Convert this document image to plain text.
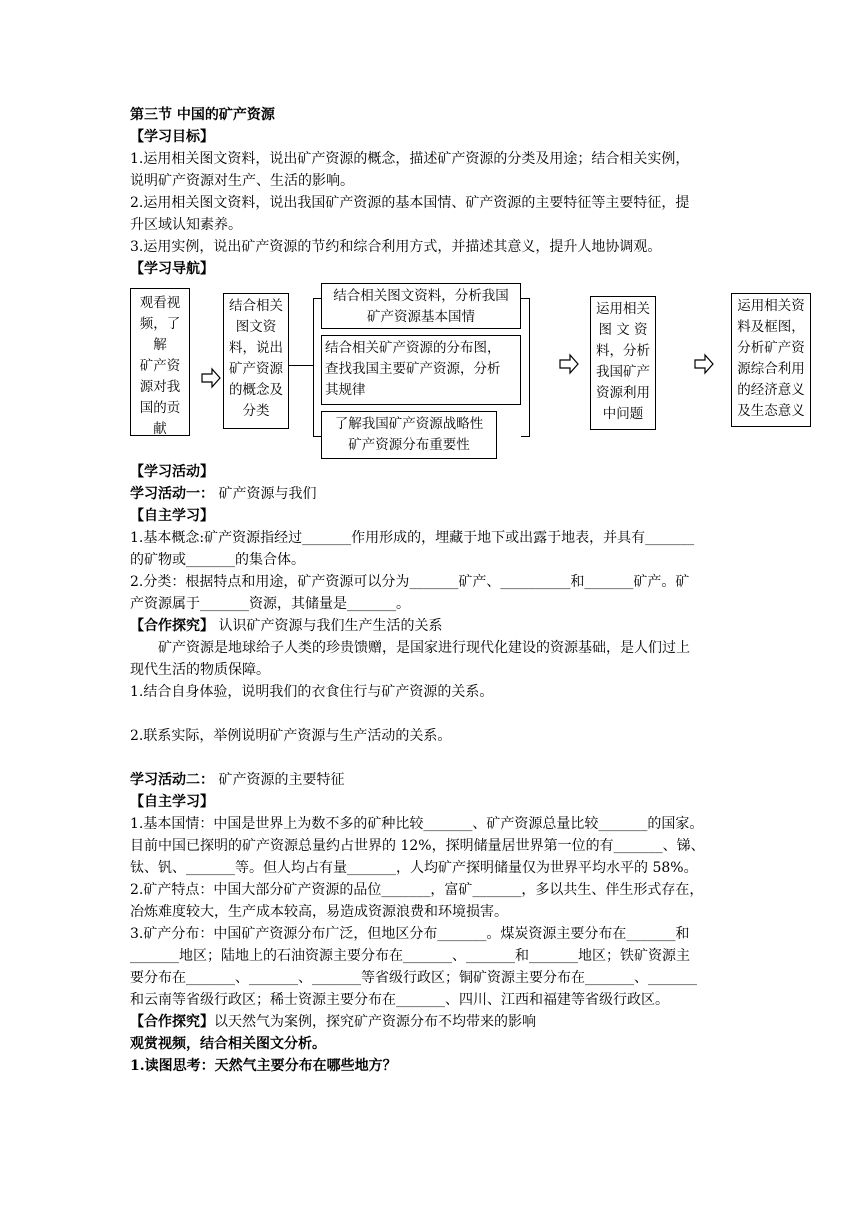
第三节 中国的矿产资源

【学习目标】

1.运用相关图文资料，说出矿产资源的概念，描述矿产资源的分类及用途；结合相关实例，

说明矿产资源对生产、生活的影响。

2.运用相关图文资料，说出我国矿产资源的基本国情、矿产资源的主要特征等主要特征，提

升区域认知素养。

3.运用实例，说出矿产资源的节约和综合利用方式，并描述其意义，提升人地协调观。

【学习导航】

观看视
频，了解
矿产资
源对我
国的贡
献
结合相关
图文资
料，说出
矿产资源
的概念及
分类
结合相关图文资料，分析我国
矿产资源基本国情
结合相关矿产资源的分布图，
查找我国主要矿产资源，分析
其规律
了解我国矿产资源战略性
矿产资源分布重要性
运用相关
图 文 资
料，分析
我国矿产
资源利用
中问题
运用相关资
料及框图，
分析矿产资
源综合利用
的经济意义
及生态意义

【学习活动】

学习活动一： 矿产资源与我们

【自主学习】

1.基本概念:矿产资源指经过_______作用形成的，埋藏于地下或出露于地表，并具有_______

的矿物或_______的集合体。

2.分类：根据特点和用途，矿产资源可以分为_______矿产、__________和_______矿产。矿

产资源属于_______资源，其储量是_______。

【合作探究】 认识矿产资源与我们生产生活的关系

矿产资源是地球给子人类的珍贵馈赠，是国家进行现代化建设的资源基础，是人们过上

现代生活的物质保障。

1.结合自身体验，说明我们的衣食住行与矿产资源的关系。

2.联系实际，举例说明矿产资源与生产活动的关系。

学习活动二： 矿产资源的主要特征

【自主学习】

1.基本国情：中国是世界上为数不多的矿种比较_______、矿产资源总量比较_______的国家。

目前中国已探明的矿产资源总量约占世界的 12%，探明储量居世界第一位的有_______、锑、

钛、钒、_______等。但人均占有量_______，人均矿产探明储量仅为世界平均水平的 58%。

2.矿产特点：中国大部分矿产资源的品位_______，富矿_______，多以共生、伴生形式存在，

冶炼难度较大，生产成本较高，易造成资源浪费和环境损害。

3.矿产分布：中国矿产资源分布广泛，但地区分布_______。煤炭资源主要分布在_______和

_______地区；陆地上的石油资源主要分布在_______、_______和_______地区；铁矿资源主

要分布在_______、_______、_______等省级行政区；铜矿资源主要分布在_______、_______

和云南等省级行政区；稀士资源主要分布在_______、四川、江西和福建等省级行政区。

【合作探究】以天然气为案例，探究矿产资源分布不均带来的影响

观赏视频，结合相关图文分析。

1.读图思考：天然气主要分布在哪些地方？
